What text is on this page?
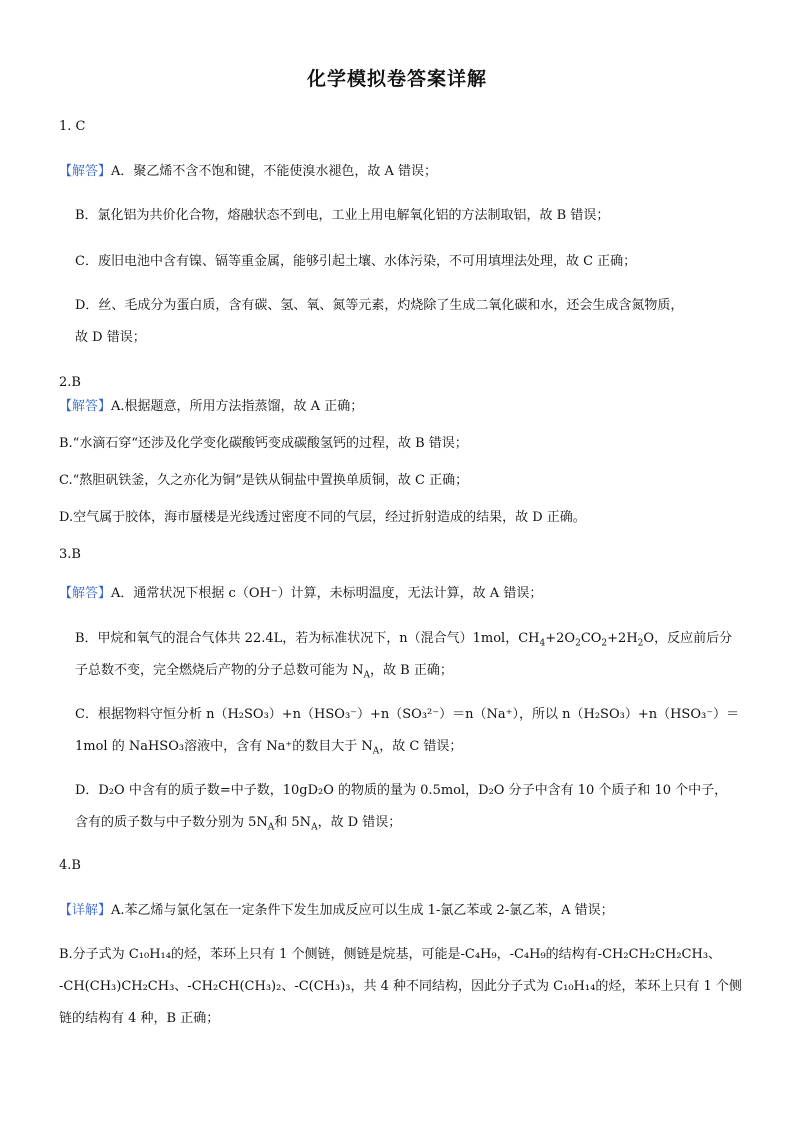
化学模拟卷答案详解
1. C
【解答】A．聚乙烯不含不饱和键，不能使溴水褪色，故 A 错误；
B．氯化铝为共价化合物，熔融状态不到电，工业上用电解氧化铝的方法制取铝，故 B 错误；
C．废旧电池中含有镍、镉等重金属，能够引起土壤、水体污染，不可用填埋法处理，故 C 正确；
D．丝、毛成分为蛋白质，含有碳、氢、氧、氮等元素，灼烧除了生成二氧化碳和水，还会生成含氮物质，
故 D 错误；
2.B
【解答】A.根据题意，所用方法指蒸馏，故 A 正确；
B.“水滴石穿“还涉及化学变化碳酸钙变成碳酸氢钙的过程，故 B 错误；
C.“熬胆矾铁釜，久之亦化为铜”是铁从铜盐中置换单质铜，故 C 正确；
D.空气属于胶体，海市蜃楼是光线透过密度不同的气层，经过折射造成的结果，故 D 正确。
3.B
【解答】A．通常状况下根据 c（OH⁻）计算，未标明温度，无法计算，故 A 错误；
B．甲烷和氧气的混合气体共 22.4L，若为标准状况下，n（混合气）1mol，$CH_4+2O_2CO_2+2H_2O$，反应前后分
子总数不变，完全燃烧后产物的分子总数可能为 $N_A$，故 B 正确；
C．根据物料守恒分析 n（H₂SO₃）+n（HSO₃⁻）+n（SO₃²⁻）＝n（Na⁺），所以 n（H₂SO₃）+n（HSO₃⁻）＝
1mol 的 NaHSO₃溶液中，含有 Na⁺的数目大于 $N_A$，故 C 错误；
D．D₂O 中含有的质子数=中子数，10gD₂O 的物质的量为 0.5mol，D₂O 分子中含有 10 个质子和 10 个中子，
含有的质子数与中子数分别为 $5N_A$和 $5N_A$，故 D 错误；
4.B
【详解】A.苯乙烯与氯化氢在一定条件下发生加成反应可以生成 1-氯乙苯或 2-氯乙苯，A 错误；
B.分子式为 C₁₀H₁₄的烃，苯环上只有 1 个侧链，侧链是烷基，可能是-C₄H₉，-C₄H₉的结构有-CH₂CH₂CH₂CH₃、
-CH(CH₃)CH₂CH₃、-CH₂CH(CH₃)₂、-C(CH₃)₃，共 4 种不同结构，因此分子式为 C₁₀H₁₄的烃，苯环上只有 1 个侧
链的结构有 4 种，B 正确；
